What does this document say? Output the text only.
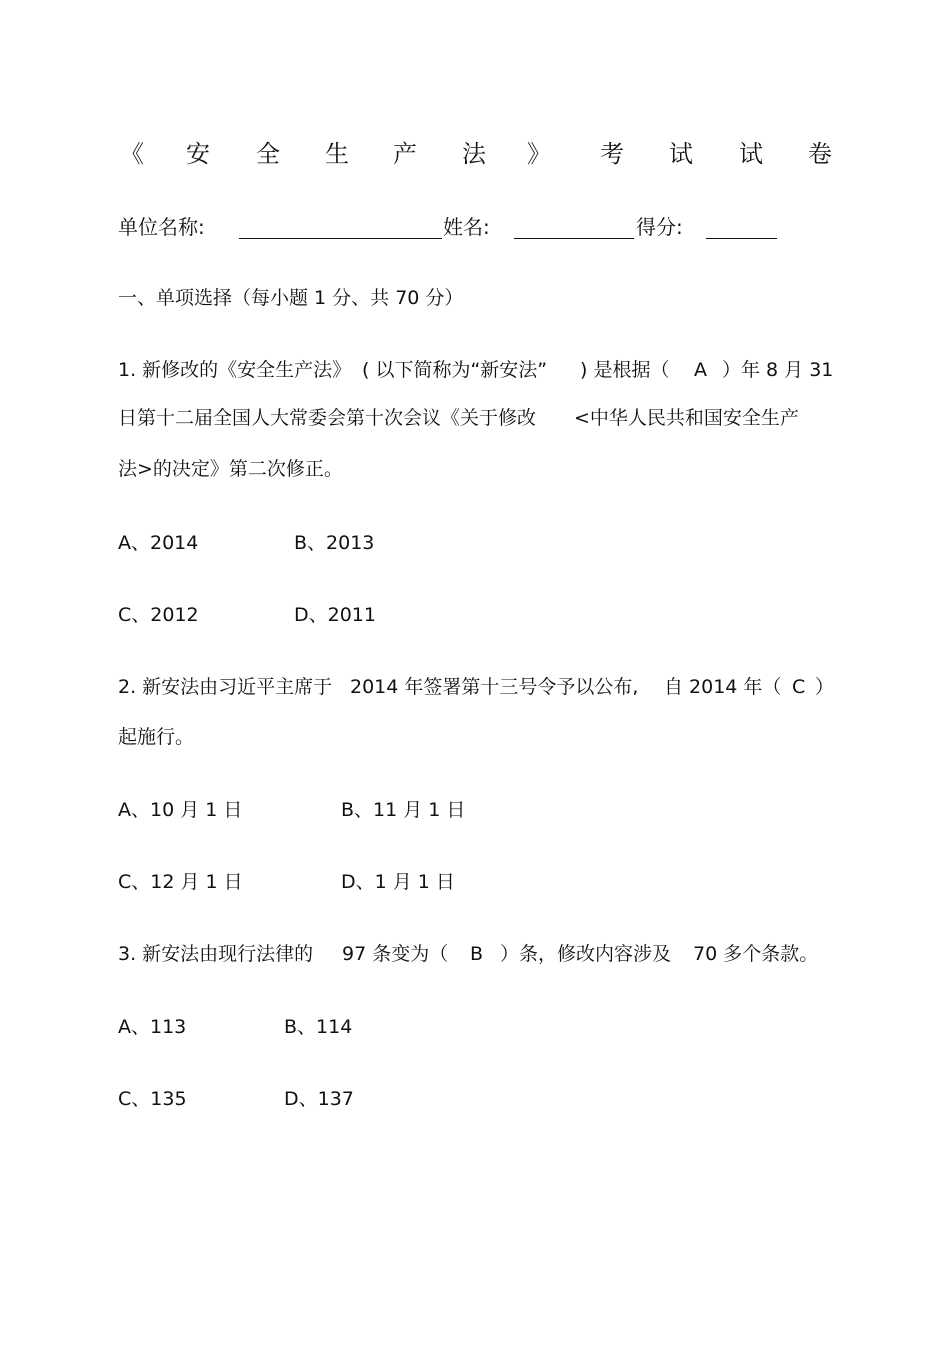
《 安 全 生 产 法 》 考 试 试 卷
单位名称:	姓名:	得分:
一、单项选择（每小题 1 分、共 70 分）
1. 新修改的《安全生产法》 ( 以下简称为“新安法” ) 是根据（ A ）年 8 月 31
日第十二届全国人大常委会第十次会议《关于修改 <中华人民共和国安全生产
法>的决定》第二次修正。
A、2014	B、2013
C、2012	D、2011
2. 新安法由习近平主席于 2014 年签署第十三号令予以公布, 自 2014 年（ C ）
起施行。
A、10 月 1 日	B、11 月 1 日
C、12 月 1 日	D、1 月 1 日
3. 新安法由现行法律的 97 条变为（ B ）条，修改内容涉及 70 多个条款。
A、113	B、114
C、135	D、137
